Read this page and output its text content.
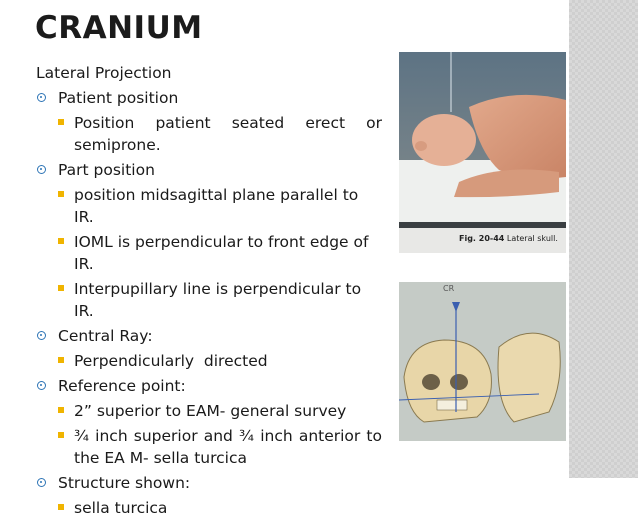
CRANIUM
Lateral Projection
Patient position
Position patient seated erect or semiprone.
Part position
position midsagittal plane parallel to IR.
IOML is perpendicular to front edge of IR.
Interpupillary line is perpendicular to IR.
Central Ray:
Perpendicularly  directed
Reference point:
2” superior to EAM- general survey
¾ inch superior and ¾ inch anterior to the EA M- sella turcica
Structure shown:
sella turcica
Fig. 20-44 Lateral skull.
CR
